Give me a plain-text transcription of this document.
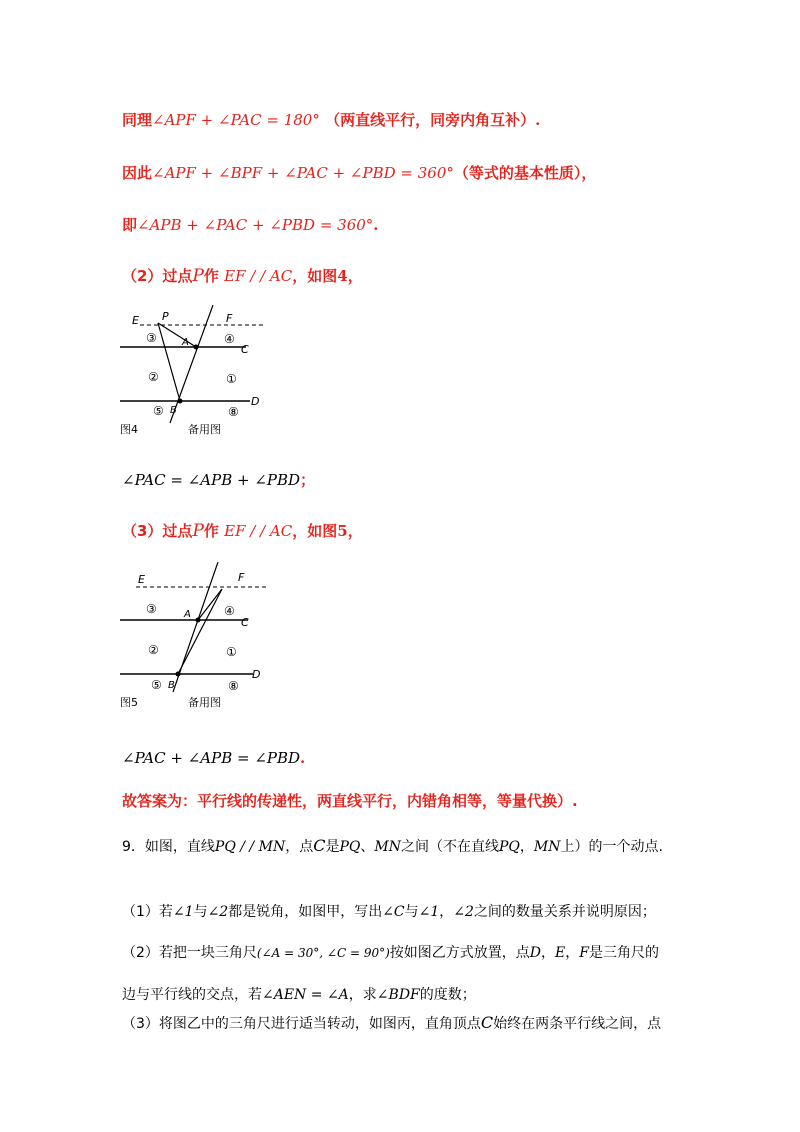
同理∠APF + ∠PAC = 180° （两直线平行，同旁内角互补）.
因此∠APF + ∠BPF + ∠PAC + ∠PBD = 360°（等式的基本性质），
即∠APB + ∠PAC + ∠PBD = 360°.
（2）过点P作 EF / / AC，如图4，
E P	F
A
C
D
B
③	④
②	①
⑤	⑧
图4	备用图
∠PAC = ∠APB + ∠PBD；
（3）过点P作 EF / / AC，如图5，
E	F
A
C
D
B
③	④
②	①
⑤	⑧
图5	备用图
∠PAC + ∠APB = ∠PBD.
故答案为：平行线的传递性，两直线平行，内错角相等，等量代换）.
9．如图，直线PQ / / MN，点C是PQ、MN之间（不在直线PQ，MN上）的一个动点.
（1）若∠1与∠2都是锐角，如图甲，写出∠C与∠1，∠2之间的数量关系并说明原因；
（2）若把一块三角尺(∠A = 30°, ∠C = 90°)按如图乙方式放置，点D，E，F是三角尺的
边与平行线的交点，若∠AEN = ∠A，求∠BDF的度数；
（3）将图乙中的三角尺进行适当转动，如图丙，直角顶点C始终在两条平行线之间，点
